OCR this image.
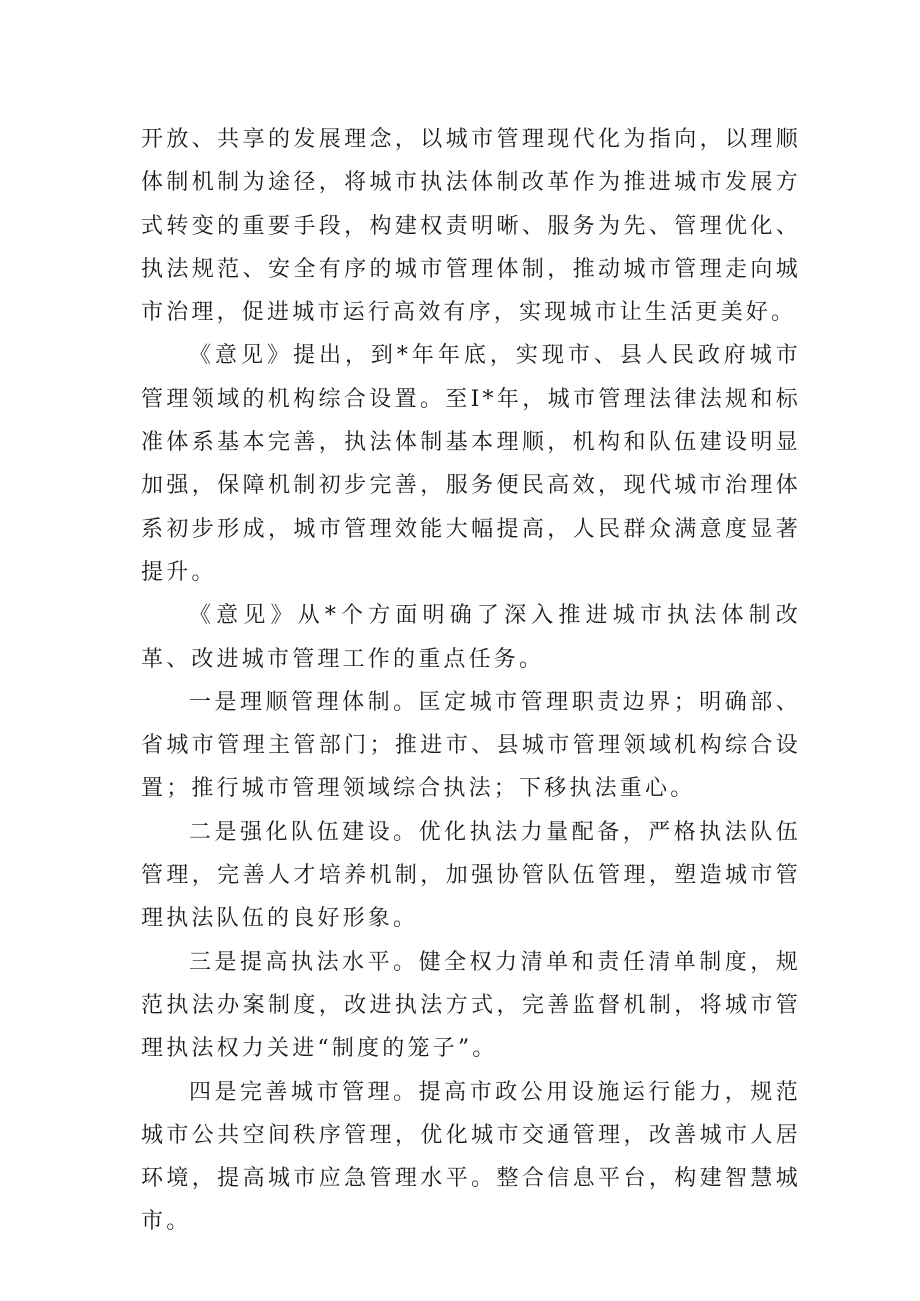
开放、共享的发展理念，以城市管理现代化为指向，以理顺体制机制为途径，将城市执法体制改革作为推进城市发展方式转变的重要手段，构建权责明晰、服务为先、管理优化、执法规范、安全有序的城市管理体制，推动城市管理走向城市治理，促进城市运行高效有序，实现城市让生活更美好。

《意见》提出，到*年年底，实现市、县人民政府城市管理领域的机构综合设置。至I*年，城市管理法律法规和标准体系基本完善，执法体制基本理顺，机构和队伍建设明显加强，保障机制初步完善，服务便民高效，现代城市治理体系初步形成，城市管理效能大幅提高，人民群众满意度显著提升。

《意见》从*个方面明确了深入推进城市执法体制改革、改进城市管理工作的重点任务。

一是理顺管理体制。匡定城市管理职责边界；明确部、省城市管理主管部门；推进市、县城市管理领域机构综合设置；推行城市管理领域综合执法；下移执法重心。

二是强化队伍建设。优化执法力量配备，严格执法队伍管理，完善人才培养机制，加强协管队伍管理，塑造城市管理执法队伍的良好形象。

三是提高执法水平。健全权力清单和责任清单制度，规范执法办案制度，改进执法方式，完善监督机制，将城市管理执法权力关进“制度的笼子”。

四是完善城市管理。提高市政公用设施运行能力，规范城市公共空间秩序管理，优化城市交通管理，改善城市人居环境，提高城市应急管理水平。整合信息平台，构建智慧城市。
